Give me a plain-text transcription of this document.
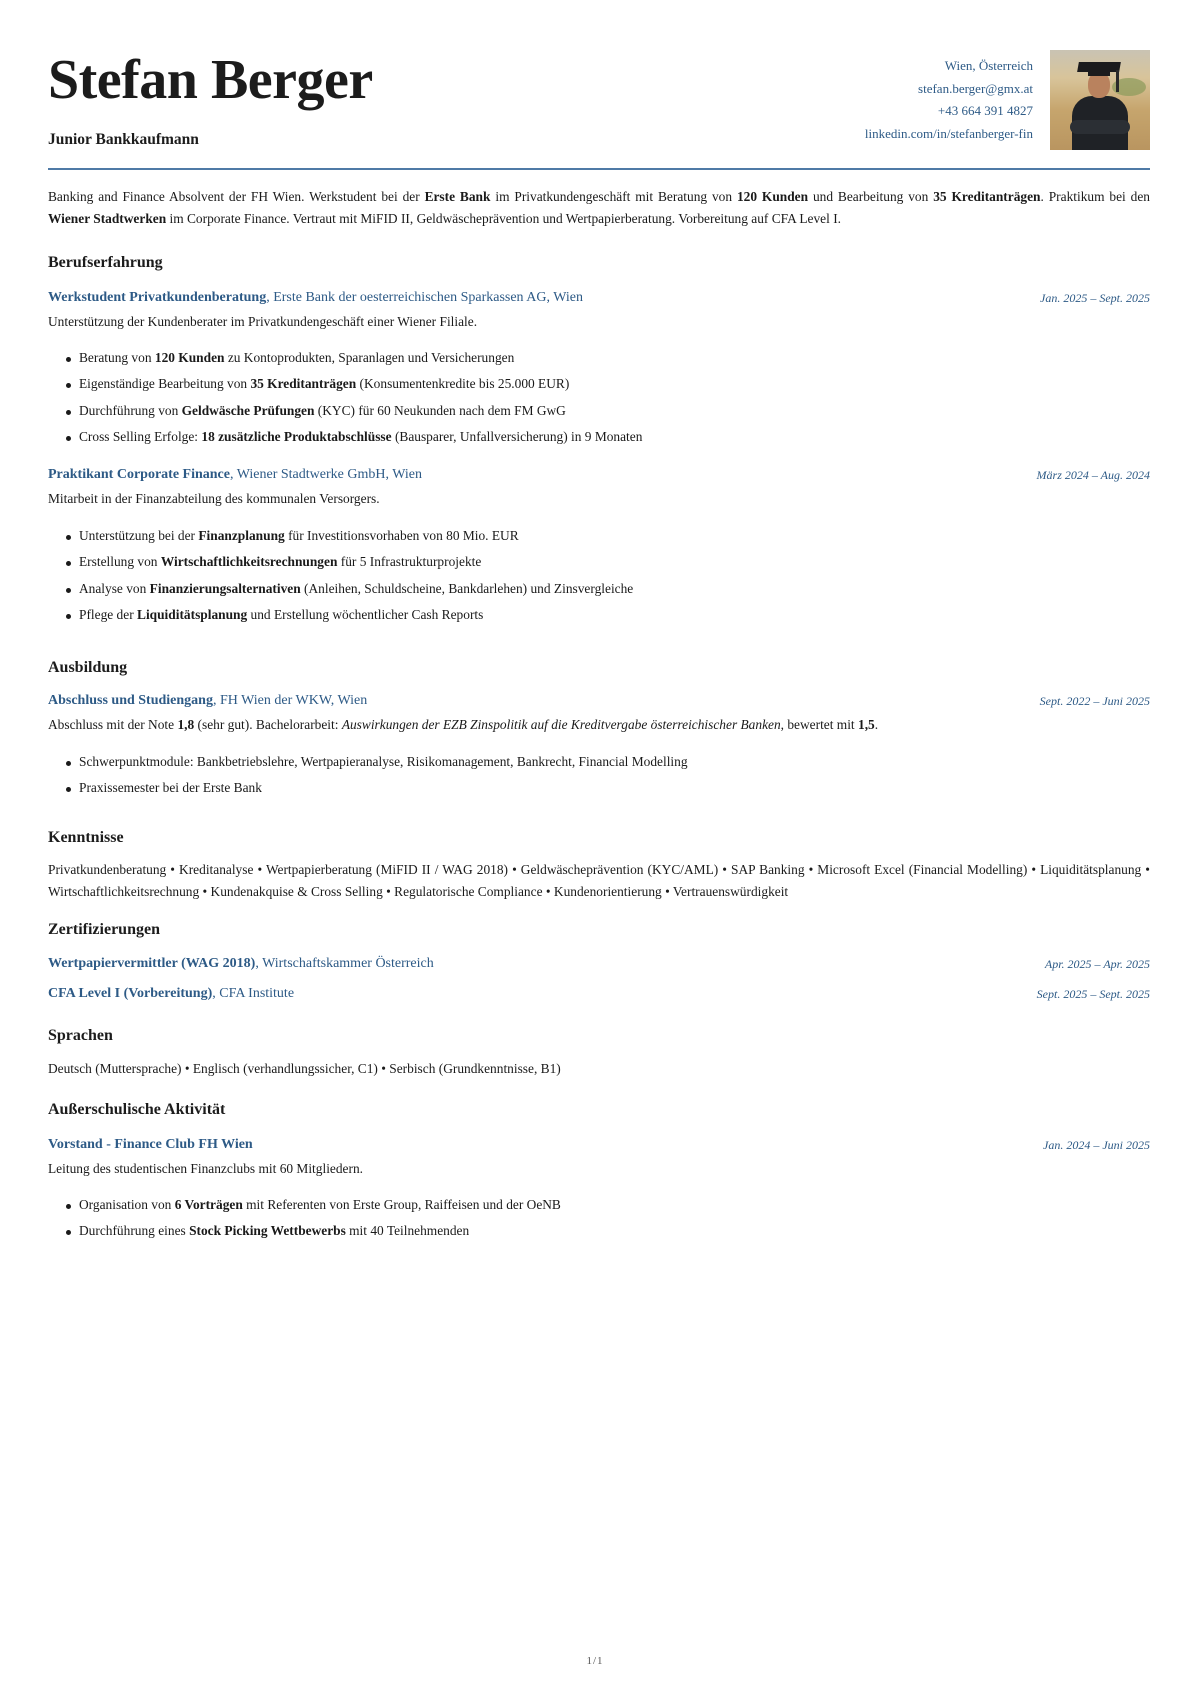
Stefan Berger
Junior Bankkaufmann
Wien, Österreich
stefan.berger@gmx.at
+43 664 391 4827
linkedin.com/in/stefanberger-fin
Banking and Finance Absolvent der FH Wien. Werkstudent bei der Erste Bank im Privatkundengeschäft mit Beratung von 120 Kunden und Bearbeitung von 35 Kreditanträgen. Praktikum bei den Wiener Stadtwerken im Corporate Finance. Vertraut mit MiFID II, Geldwäscheprävention und Wertpapierberatung. Vorbereitung auf CFA Level I.
Berufserfahrung
Werkstudent Privatkundenberatung, Erste Bank der oesterreichischen Sparkassen AG, Wien	Jan. 2025 – Sept. 2025
Unterstützung der Kundenberater im Privatkundengeschäft einer Wiener Filiale.
Beratung von 120 Kunden zu Kontoprodukten, Sparanlagen und Versicherungen
Eigenständige Bearbeitung von 35 Kreditanträgen (Konsumentenkredite bis 25.000 EUR)
Durchführung von Geldwäsche Prüfungen (KYC) für 60 Neukunden nach dem FM GwG
Cross Selling Erfolge: 18 zusätzliche Produktabschlüsse (Bausparer, Unfallversicherung) in 9 Monaten
Praktikant Corporate Finance, Wiener Stadtwerke GmbH, Wien	März 2024 – Aug. 2024
Mitarbeit in der Finanzabteilung des kommunalen Versorgers.
Unterstützung bei der Finanzplanung für Investitionsvorhaben von 80 Mio. EUR
Erstellung von Wirtschaftlichkeitsrechnungen für 5 Infrastrukturprojekte
Analyse von Finanzierungsalternativen (Anleihen, Schuldscheine, Bankdarlehen) und Zinsvergleiche
Pflege der Liquiditätsplanung und Erstellung wöchentlicher Cash Reports
Ausbildung
Abschluss und Studiengang, FH Wien der WKW, Wien	Sept. 2022 – Juni 2025
Abschluss mit der Note 1,8 (sehr gut). Bachelorarbeit: Auswirkungen der EZB Zinspolitik auf die Kreditvergabe österreichischer Banken, bewertet mit 1,5.
Schwerpunktmodule: Bankbetriebslehre, Wertpapieranalyse, Risikomanagement, Bankrecht, Financial Modelling
Praxissemester bei der Erste Bank
Kenntnisse
Privatkundenberatung • Kreditanalyse • Wertpapierberatung (MiFID II / WAG 2018) • Geldwäscheprävention (KYC/AML) • SAP Banking • Microsoft Excel (Financial Modelling) • Liquiditätsplanung • Wirtschaftlichkeitsrechnung • Kundenakquise & Cross Selling • Regulatorische Compliance • Kundenorientierung • Vertrauenswürdigkeit
Zertifizierungen
Wertpapiervermittler (WAG 2018), Wirtschaftskammer Österreich	Apr. 2025 – Apr. 2025
CFA Level I (Vorbereitung), CFA Institute	Sept. 2025 – Sept. 2025
Sprachen
Deutsch (Muttersprache) • Englisch (verhandlungssicher, C1) • Serbisch (Grundkenntnisse, B1)
Außerschulische Aktivität
Vorstand - Finance Club FH Wien	Jan. 2024 – Juni 2025
Leitung des studentischen Finanzclubs mit 60 Mitgliedern.
Organisation von 6 Vorträgen mit Referenten von Erste Group, Raiffeisen und der OeNB
Durchführung eines Stock Picking Wettbewerbs mit 40 Teilnehmenden
1/1
